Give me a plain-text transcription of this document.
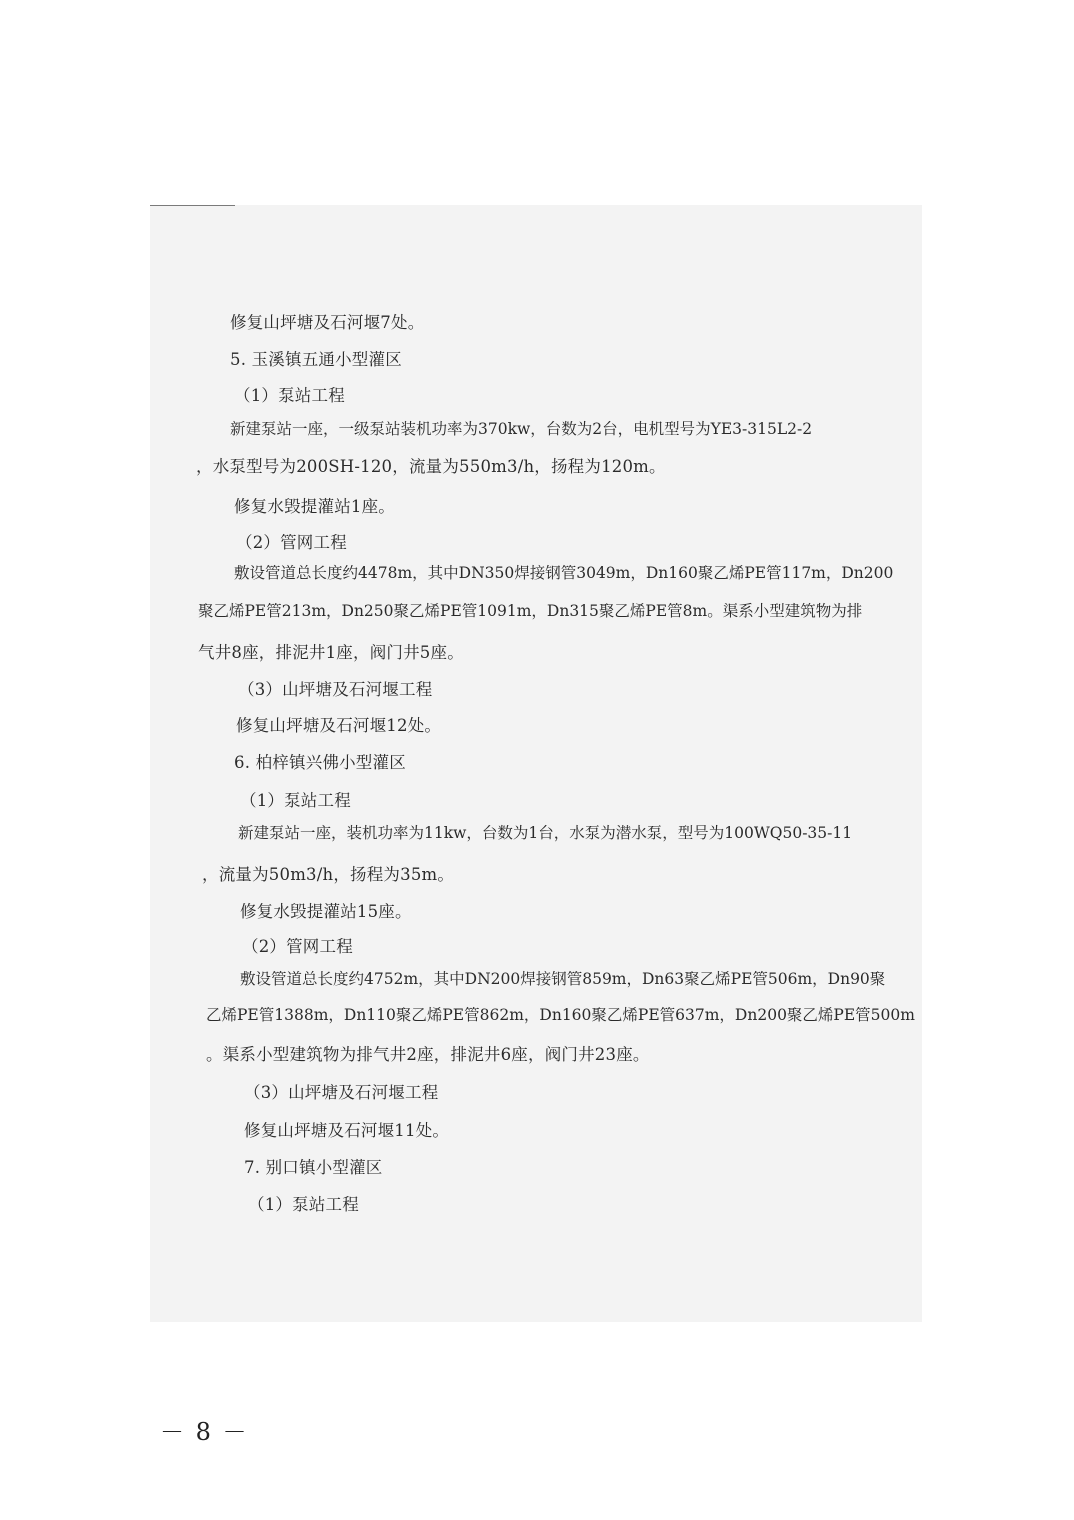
修复山坪塘及石河堰7处。
5. 玉溪镇五通小型灌区
（1）泵站工程
新建泵站一座，一级泵站装机功率为370kw，台数为2台，电机型号为YE3-315L2-2
，水泵型号为200SH-120，流量为550m3/h，扬程为120m。
修复水毁提灌站1座。
（2）管网工程
敷设管道总长度约4478m，其中DN350焊接钢管3049m，Dn160聚乙烯PE管117m，Dn200
聚乙烯PE管213m，Dn250聚乙烯PE管1091m，Dn315聚乙烯PE管8m。渠系小型建筑物为排
气井8座，排泥井1座，阀门井5座。
（3）山坪塘及石河堰工程
修复山坪塘及石河堰12处。
6. 柏梓镇兴佛小型灌区
（1）泵站工程
新建泵站一座，装机功率为11kw，台数为1台，水泵为潜水泵，型号为100WQ50-35-11
，流量为50m3/h，扬程为35m。
修复水毁提灌站15座。
（2）管网工程
敷设管道总长度约4752m，其中DN200焊接钢管859m，Dn63聚乙烯PE管506m，Dn90聚
乙烯PE管1388m，Dn110聚乙烯PE管862m，Dn160聚乙烯PE管637m，Dn200聚乙烯PE管500m
。渠系小型建筑物为排气井2座，排泥井6座，阀门井23座。
（3）山坪塘及石河堰工程
修复山坪塘及石河堰11处。
7. 别口镇小型灌区
（1）泵站工程
－ 8 －
